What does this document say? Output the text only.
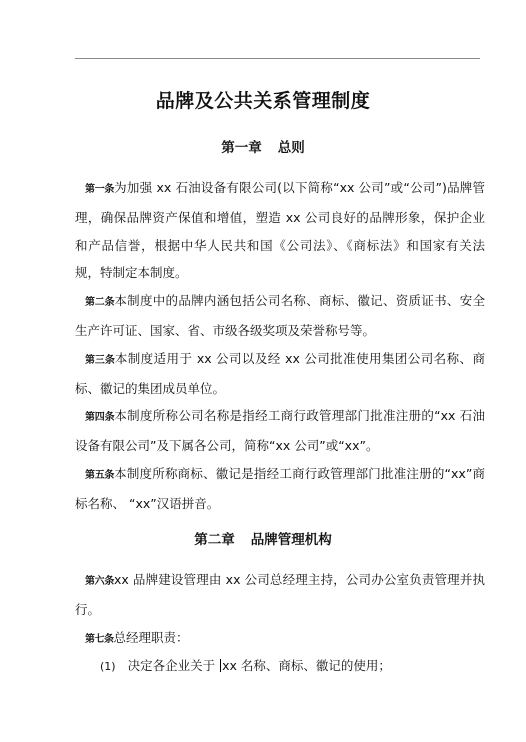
品牌及公共关系管理制度
第一章 总则

第一条为加强 xx 石油设备有限公司(以下简称“xx 公司”或“公司”)品牌管理，确保品牌资产保值和增值，塑造 xx 公司良好的品牌形象，保护企业和产品信誉，根据中华人民共和国《公司法》、《商标法》和国家有关法规，特制定本制度。

第二条本制度中的品牌内涵包括公司名称、商标、徽记、资质证书、安全生产许可证、国家、省、市级各级奖项及荣誉称号等。

第三条本制度适用于 xx 公司以及经 xx 公司批准使用集团公司名称、商标、徽记的集团成员单位。

第四条本制度所称公司名称是指经工商行政管理部门批准注册的“xx 石油设备有限公司”及下属各公司，简称“xx 公司”或“xx”。

第五条本制度所称商标、徽记是指经工商行政管理部门批准注册的“xx”商标名称、 “xx”汉语拼音。

第二章 品牌管理机构

第六条xx 品牌建设管理由 xx 公司总经理主持，公司办公室负责管理并执行。

第七条总经理职责：

(1) 决定各企业关于 xx 名称、商标、徽记的使用；
